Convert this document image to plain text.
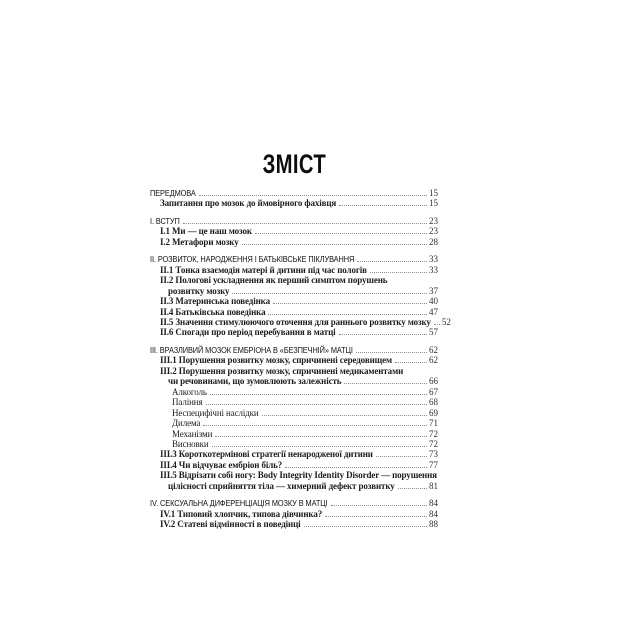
ЗМІСТ
ПЕРЕДМОВА	15
Запитання про мозок до ймовірного фахівця	15
І. ВСТУП	23
І.1 Ми — це наш мозок	23
І.2 Метафори мозку	28
ІІ. РОЗВИТОК, НАРОДЖЕННЯ І БАТЬКІВСЬКЕ ПІКЛУВАННЯ	33
ІІ.1 Тонка взаємодія матері й дитини під час пологів	33
ІІ.2 Пологові ускладнення як перший симптом порушень
розвитку мозку	37
ІІ.3 Материнська поведінка	40
ІІ.4 Батьківська поведінка	47
ІІ.5 Значення стимулюючого оточення для раннього розвитку мозку 52
ІІ.6 Спогади про період перебування в матці	57
ІІІ. ВРАЗЛИВИЙ МОЗОК ЕМБРІОНА В «БЕЗПЕЧНІЙ» МАТЦІ	62
ІІІ.1 Порушення розвитку мозку, спричинені середовищем	62
ІІІ.2 Порушення розвитку мозку, спричинені медикаментами
чи речовинами, що зумовлюють залежність	66
Алкоголь	67
Паління	68
Неспецифічні наслідки	69
Дилема	71
Механізми	72
Висновки	72
ІІІ.3 Короткотермінові стратегії ненародженої дитини	73
ІІІ.4 Чи відчуває ембріон біль?	77
ІІІ.5 Відрізати собі ногу: Body Integrity Identity Disorder — порушення
цілісності сприйняття тіла — химерний дефект розвитку	81
ІV. СЕКСУАЛЬНА ДИФЕРЕНЦІАЦІЯ МОЗКУ В МАТЦІ	84
ІV.1 Типовий хлопчик, типова дівчинка?	84
ІV.2 Статеві відмінності в поведінці	88
